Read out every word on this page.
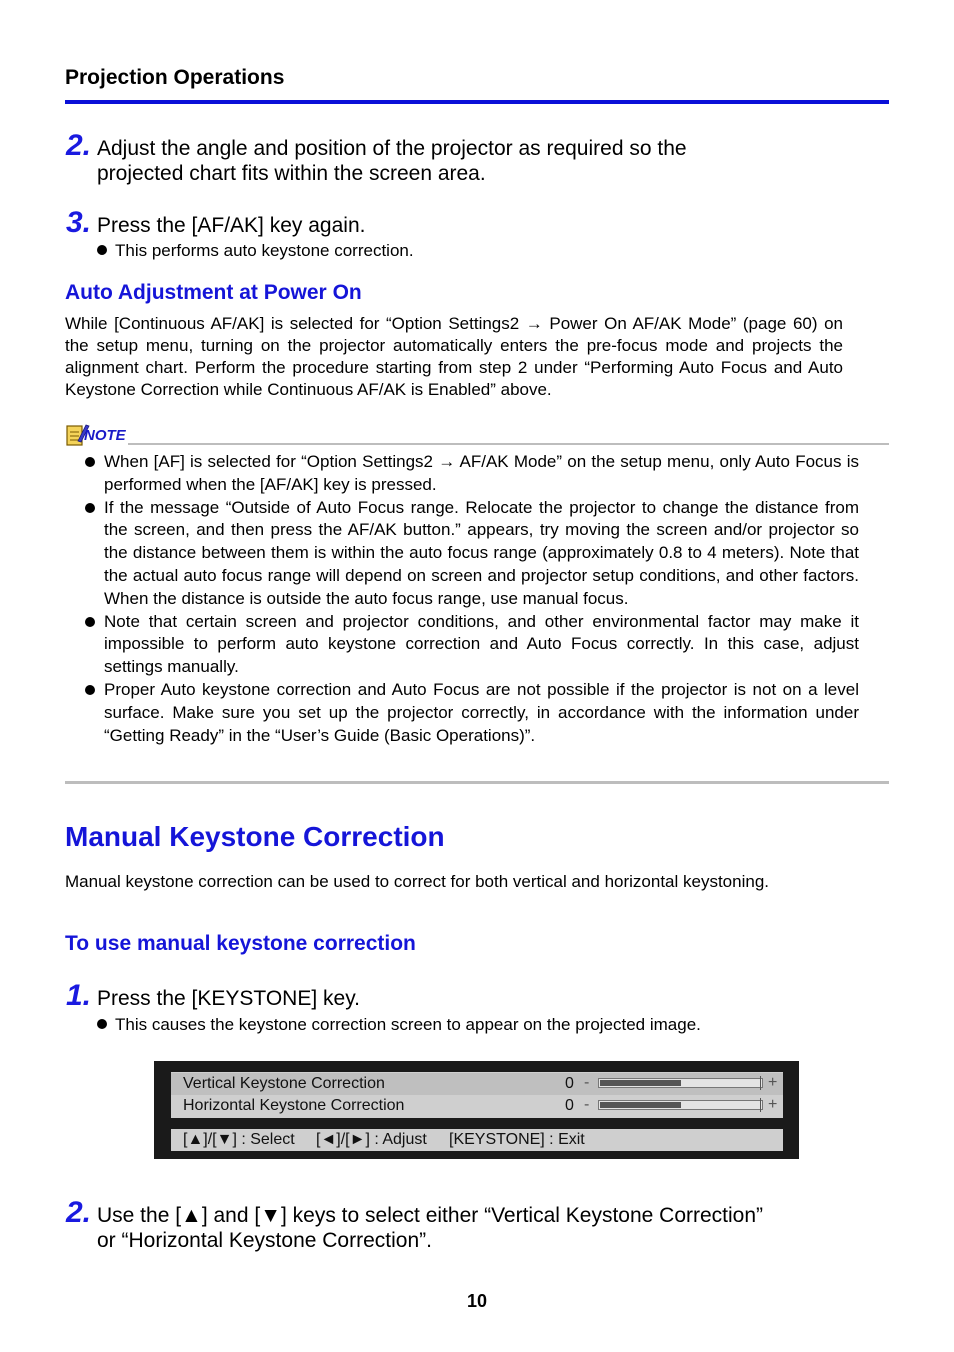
Projection Operations
2. Adjust the angle and position of the projector as required so the
projected chart fits within the screen area.
3. Press the [AF/AK] key again.
This performs auto keystone correction.
Auto Adjustment at Power On
While [Continuous AF/AK] is selected for “Option Settings2 → Power On AF/AK Mode” (page 60) on the setup menu, turning on the projector automatically enters the pre-focus mode and projects the alignment chart. Perform the procedure starting from step 2 under “Performing Auto Focus and Auto Keystone Correction while Continuous AF/AK is Enabled” above.
NOTE
When [AF] is selected for “Option Settings2 → AF/AK Mode” on the setup menu, only Auto Focus is performed when the [AF/AK] key is pressed.
If the message “Outside of Auto Focus range. Relocate the projector to change the distance from the screen, and then press the AF/AK button.” appears, try moving the screen and/or projector so the distance between them is within the auto focus range (approximately 0.8 to 4 meters). Note that the actual auto focus range will depend on screen and projector setup conditions, and other factors. When the distance is outside the auto focus range, use manual focus.
Note that certain screen and projector conditions, and other environmental factor may make it impossible to perform auto keystone correction and Auto Focus correctly. In this case, adjust settings manually.
Proper Auto keystone correction and Auto Focus are not possible if the projector is not on a level surface. Make sure you set up the projector correctly, in accordance with the information under “Getting Ready” in the “User’s Guide (Basic Operations)”.
Manual Keystone Correction
Manual keystone correction can be used to correct for both vertical and horizontal keystoning.
To use manual keystone correction
1. Press the [KEYSTONE] key.
This causes the keystone correction screen to appear on the projected image.
Vertical Keystone Correction	0 -	+
Horizontal Keystone Correction	0 -	+
[▲]/[▼] : Select [◄]/[►] : Adjust [KEYSTONE] : Exit
2. Use the [▲] and [▼] keys to select either “Vertical Keystone Correction”
or “Horizontal Keystone Correction”.
10
